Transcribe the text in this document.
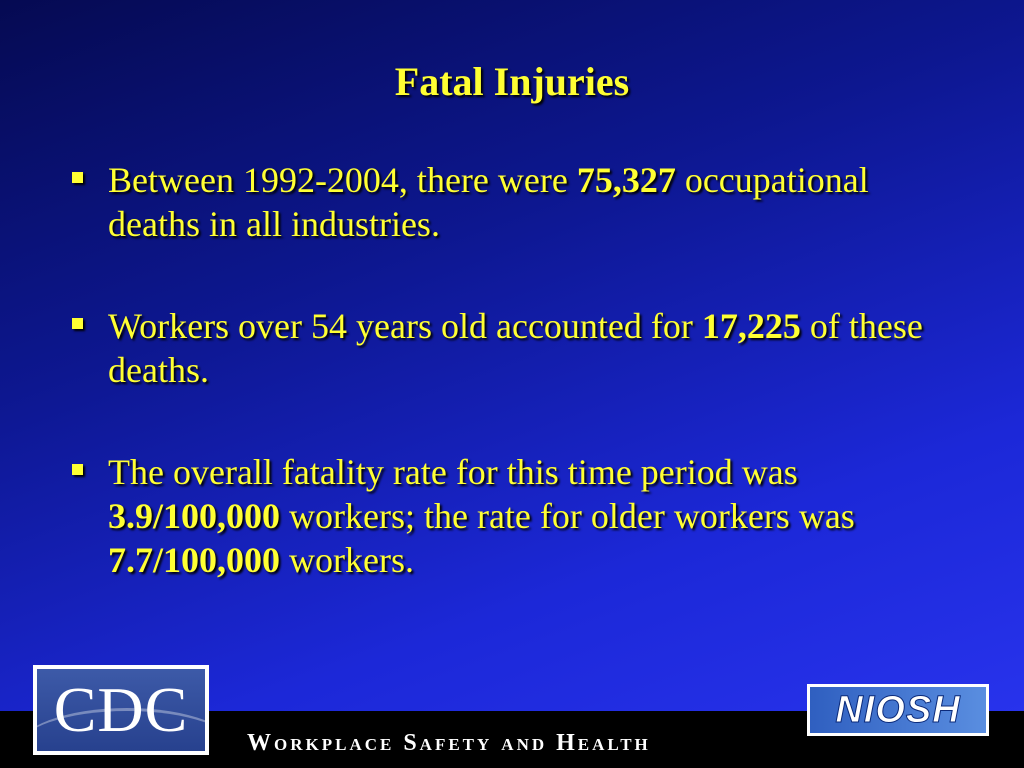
Fatal Injuries
Between 1992-2004, there were 75,327 occupational deaths in all industries.
Workers over 54 years old accounted for 17,225 of these deaths.
The overall fatality rate for this time period was 3.9/100,000 workers; the rate for older workers was 7.7/100,000 workers.
CDC Workplace Safety and Health
NIOSH
